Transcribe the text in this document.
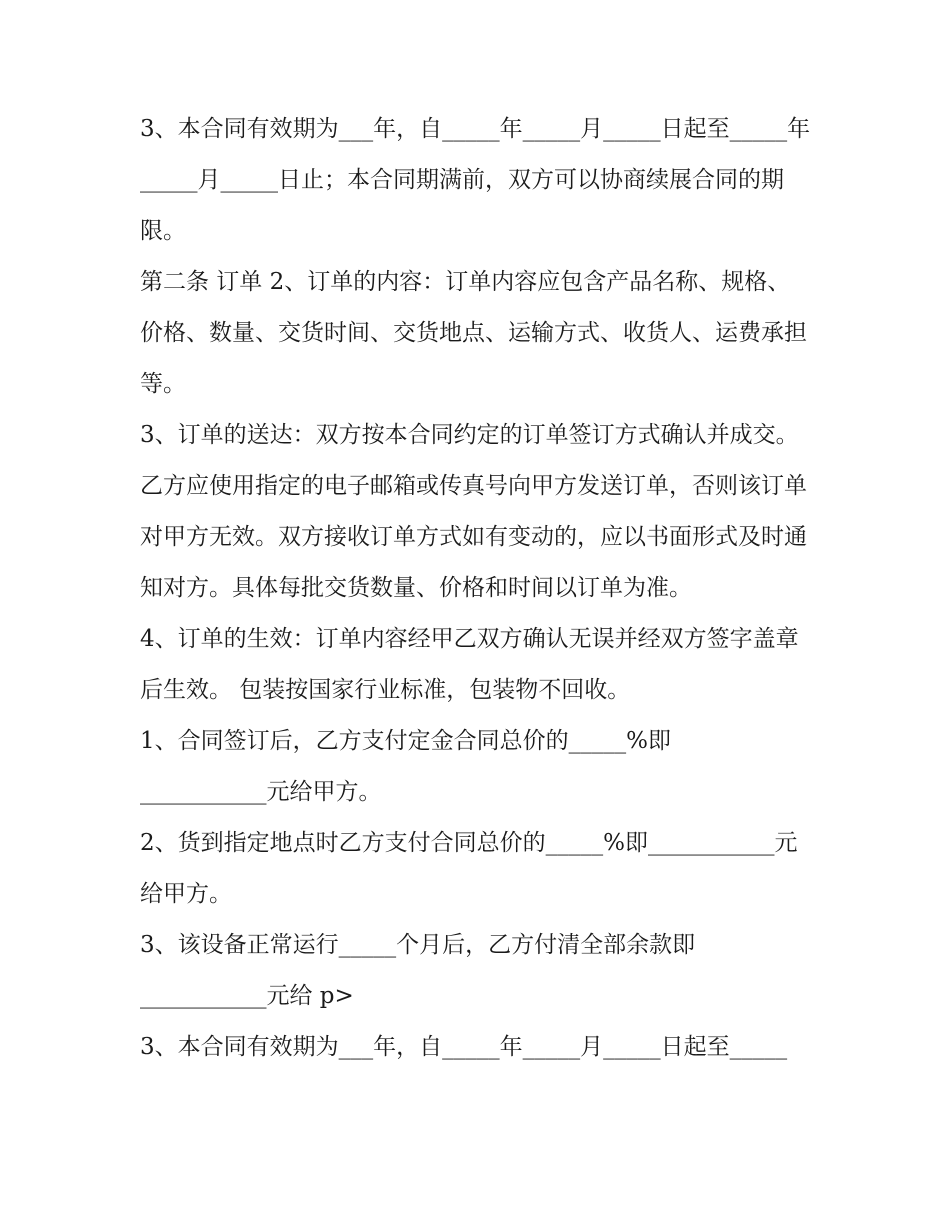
3、本合同有效期为___年，自_____年_____月_____日起至_____年_____月_____日止；本合同期满前，双方可以协商续展合同的期限。

第二条 订单 2、订单的内容：订单内容应包含产品名称、规格、价格、数量、交货时间、交货地点、运输方式、收货人、运费承担等。

3、订单的送达：双方按本合同约定的订单签订方式确认并成交。乙方应使用指定的电子邮箱或传真号向甲方发送订单，否则该订单对甲方无效。双方接收订单方式如有变动的，应以书面形式及时通知对方。具体每批交货数量、价格和时间以订单为准。

4、订单的生效：订单内容经甲乙双方确认无误并经双方签字盖章后生效。 包装按国家行业标准，包装物不回收。

1、合同签订后，乙方支付定金合同总价的_____%即
___________元给甲方。

2、货到指定地点时乙方支付合同总价的_____%即___________元给甲方。

3、该设备正常运行_____个月后，乙方付清全部余款即
___________元给 p>

3、本合同有效期为___年，自_____年_____月_____日起至_____
